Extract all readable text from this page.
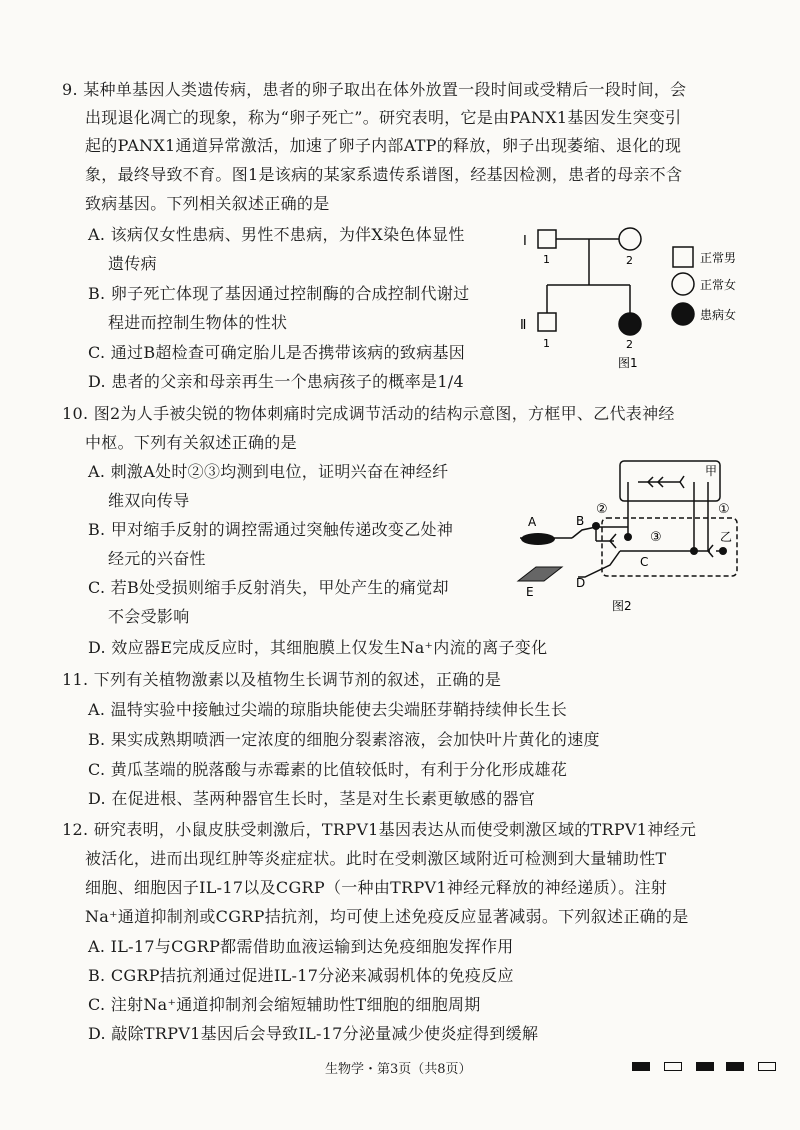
9. 某种单基因人类遗传病，患者的卵子取出在体外放置一段时间或受精后一段时间，会
出现退化凋亡的现象，称为“卵子死亡”。研究表明，它是由PANX1基因发生突变引
起的PANX1通道异常激活，加速了卵子内部ATP的释放，卵子出现萎缩、退化的现
象，最终导致不育。图1是该病的某家系遗传系谱图，经基因检测，患者的母亲不含
致病基因。下列相关叙述正确的是
A. 该病仅女性患病、男性不患病，为伴X染色体显性
遗传病
B. 卵子死亡体现了基因通过控制酶的合成控制代谢过
程进而控制生物体的性状
C. 通过B超检查可确定胎儿是否携带该病的致病基因
D. 患者的父亲和母亲再生一个患病孩子的概率是1/4
Ⅰ
Ⅱ
1	2
1	2
正常男
正常女
患病女
图1
10. 图2为人手被尖锐的物体刺痛时完成调节活动的结构示意图，方框甲、乙代表神经
中枢。下列有关叙述正确的是
A. 刺激A处时②③均测到电位，证明兴奋在神经纤
维双向传导
B. 甲对缩手反射的调控需通过突触传递改变乙处神
经元的兴奋性
C. 若B处受损则缩手反射消失，甲处产生的痛觉却
不会受影响
D. 效应器E完成反应时，其细胞膜上仅发生Na⁺内流的离子变化
甲
乙
A	B
C
D
E
①
②
③
图2
11. 下列有关植物激素以及植物生长调节剂的叙述，正确的是
A. 温特实验中接触过尖端的琼脂块能使去尖端胚芽鞘持续伸长生长
B. 果实成熟期喷洒一定浓度的细胞分裂素溶液，会加快叶片黄化的速度
C. 黄瓜茎端的脱落酸与赤霉素的比值较低时，有利于分化形成雄花
D. 在促进根、茎两种器官生长时，茎是对生长素更敏感的器官
12. 研究表明，小鼠皮肤受刺激后，TRPV1基因表达从而使受刺激区域的TRPV1神经元
被活化，进而出现红肿等炎症症状。此时在受刺激区域附近可检测到大量辅助性T
细胞、细胞因子IL-17以及CGRP（一种由TRPV1神经元释放的神经递质）。注射
Na⁺通道抑制剂或CGRP拮抗剂，均可使上述免疫反应显著减弱。下列叙述正确的是
A. IL-17与CGRP都需借助血液运输到达免疫细胞发挥作用
B. CGRP拮抗剂通过促进IL-17分泌来减弱机体的免疫反应
C. 注射Na⁺通道抑制剂会缩短辅助性T细胞的细胞周期
D. 敲除TRPV1基因后会导致IL-17分泌量减少使炎症得到缓解
生物学・第3页（共8页）
